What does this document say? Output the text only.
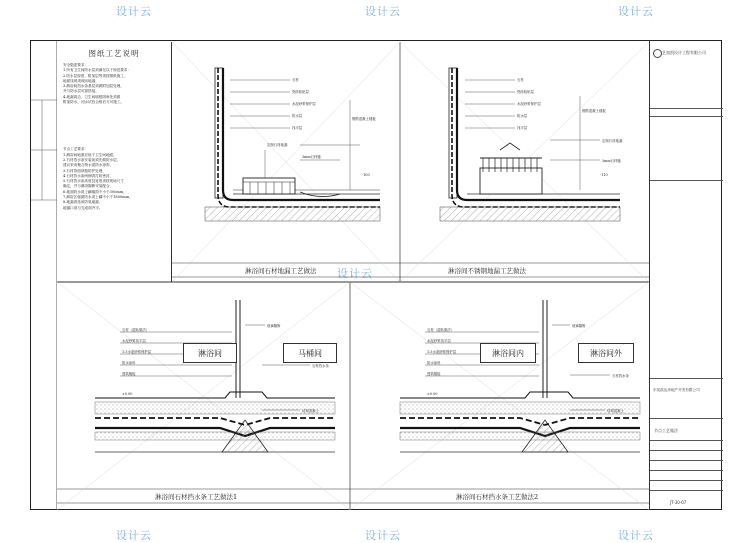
设计云	设计云	设计云
设计云
设计云	设计云	设计云
图纸工艺说明
安全隐患要求：
1.所有卫生间防水层须满足以下规范要求：
2.防水层厚度、附加层等须按图纸施工，
地面找坡须坡向地漏，
3.淋浴间挡水条基层须做附加层处理，
并与防水层可靠搭接，
4.地漏周边、卫生间墙根阴角处须做
附加防水，闭水试验合格后方可施工。
节点工艺要求：
1.淋浴间地面应低于卫生间地面，
2.石材挡水条安装前须先做防水层，
建议采用聚合物水泥防水涂料，
3.石材背面须做防护处理，
4.石材挡水条两侧须打胶密封，
5.石材挡水条高度及宽度须按现场尺寸
确定，并与淋浴隔断安装配合，
6.地面防水须上翻墙面不小于300mm，
7.淋浴区墙面防水须上翻不小于1800mm，
8.地漏须选用防臭地漏，
地漏口须与完成面齐平。
石材
瓷砖粘贴层
水泥砂浆保护层
防水层
找平层
钢筋混凝土楼板
定制石材地漏
3mm石材缝
-100
石材
瓷砖粘贴层
水泥砂浆保护层
防水层
找平层
钢筋混凝土楼板
定制石材地漏
3mm石材缝
-110
石材（湿贴做法）
水泥砂浆找平层
1:3水泥砂浆保护层
防水涂料
建筑楼板
玻璃隔断
石材挡水条
结构混凝土
±0.00
石材（湿贴做法）
水泥砂浆找平层
1:3水泥砂浆保护层
防水涂料
建筑楼板
玻璃隔断
石材挡水条
结构混凝土
±0.00
淋浴间石材地漏工艺做法	淋浴间不锈钢地漏工艺做法
淋浴间石材挡水条工艺做法1	淋浴间石材挡水条工艺做法2
淋浴间	马桶间	淋浴间内	淋浴间外
艺加凯设计工程有限公司
东莞凯达房地产开发有限公司
节点工艺做法
JT-30-07
